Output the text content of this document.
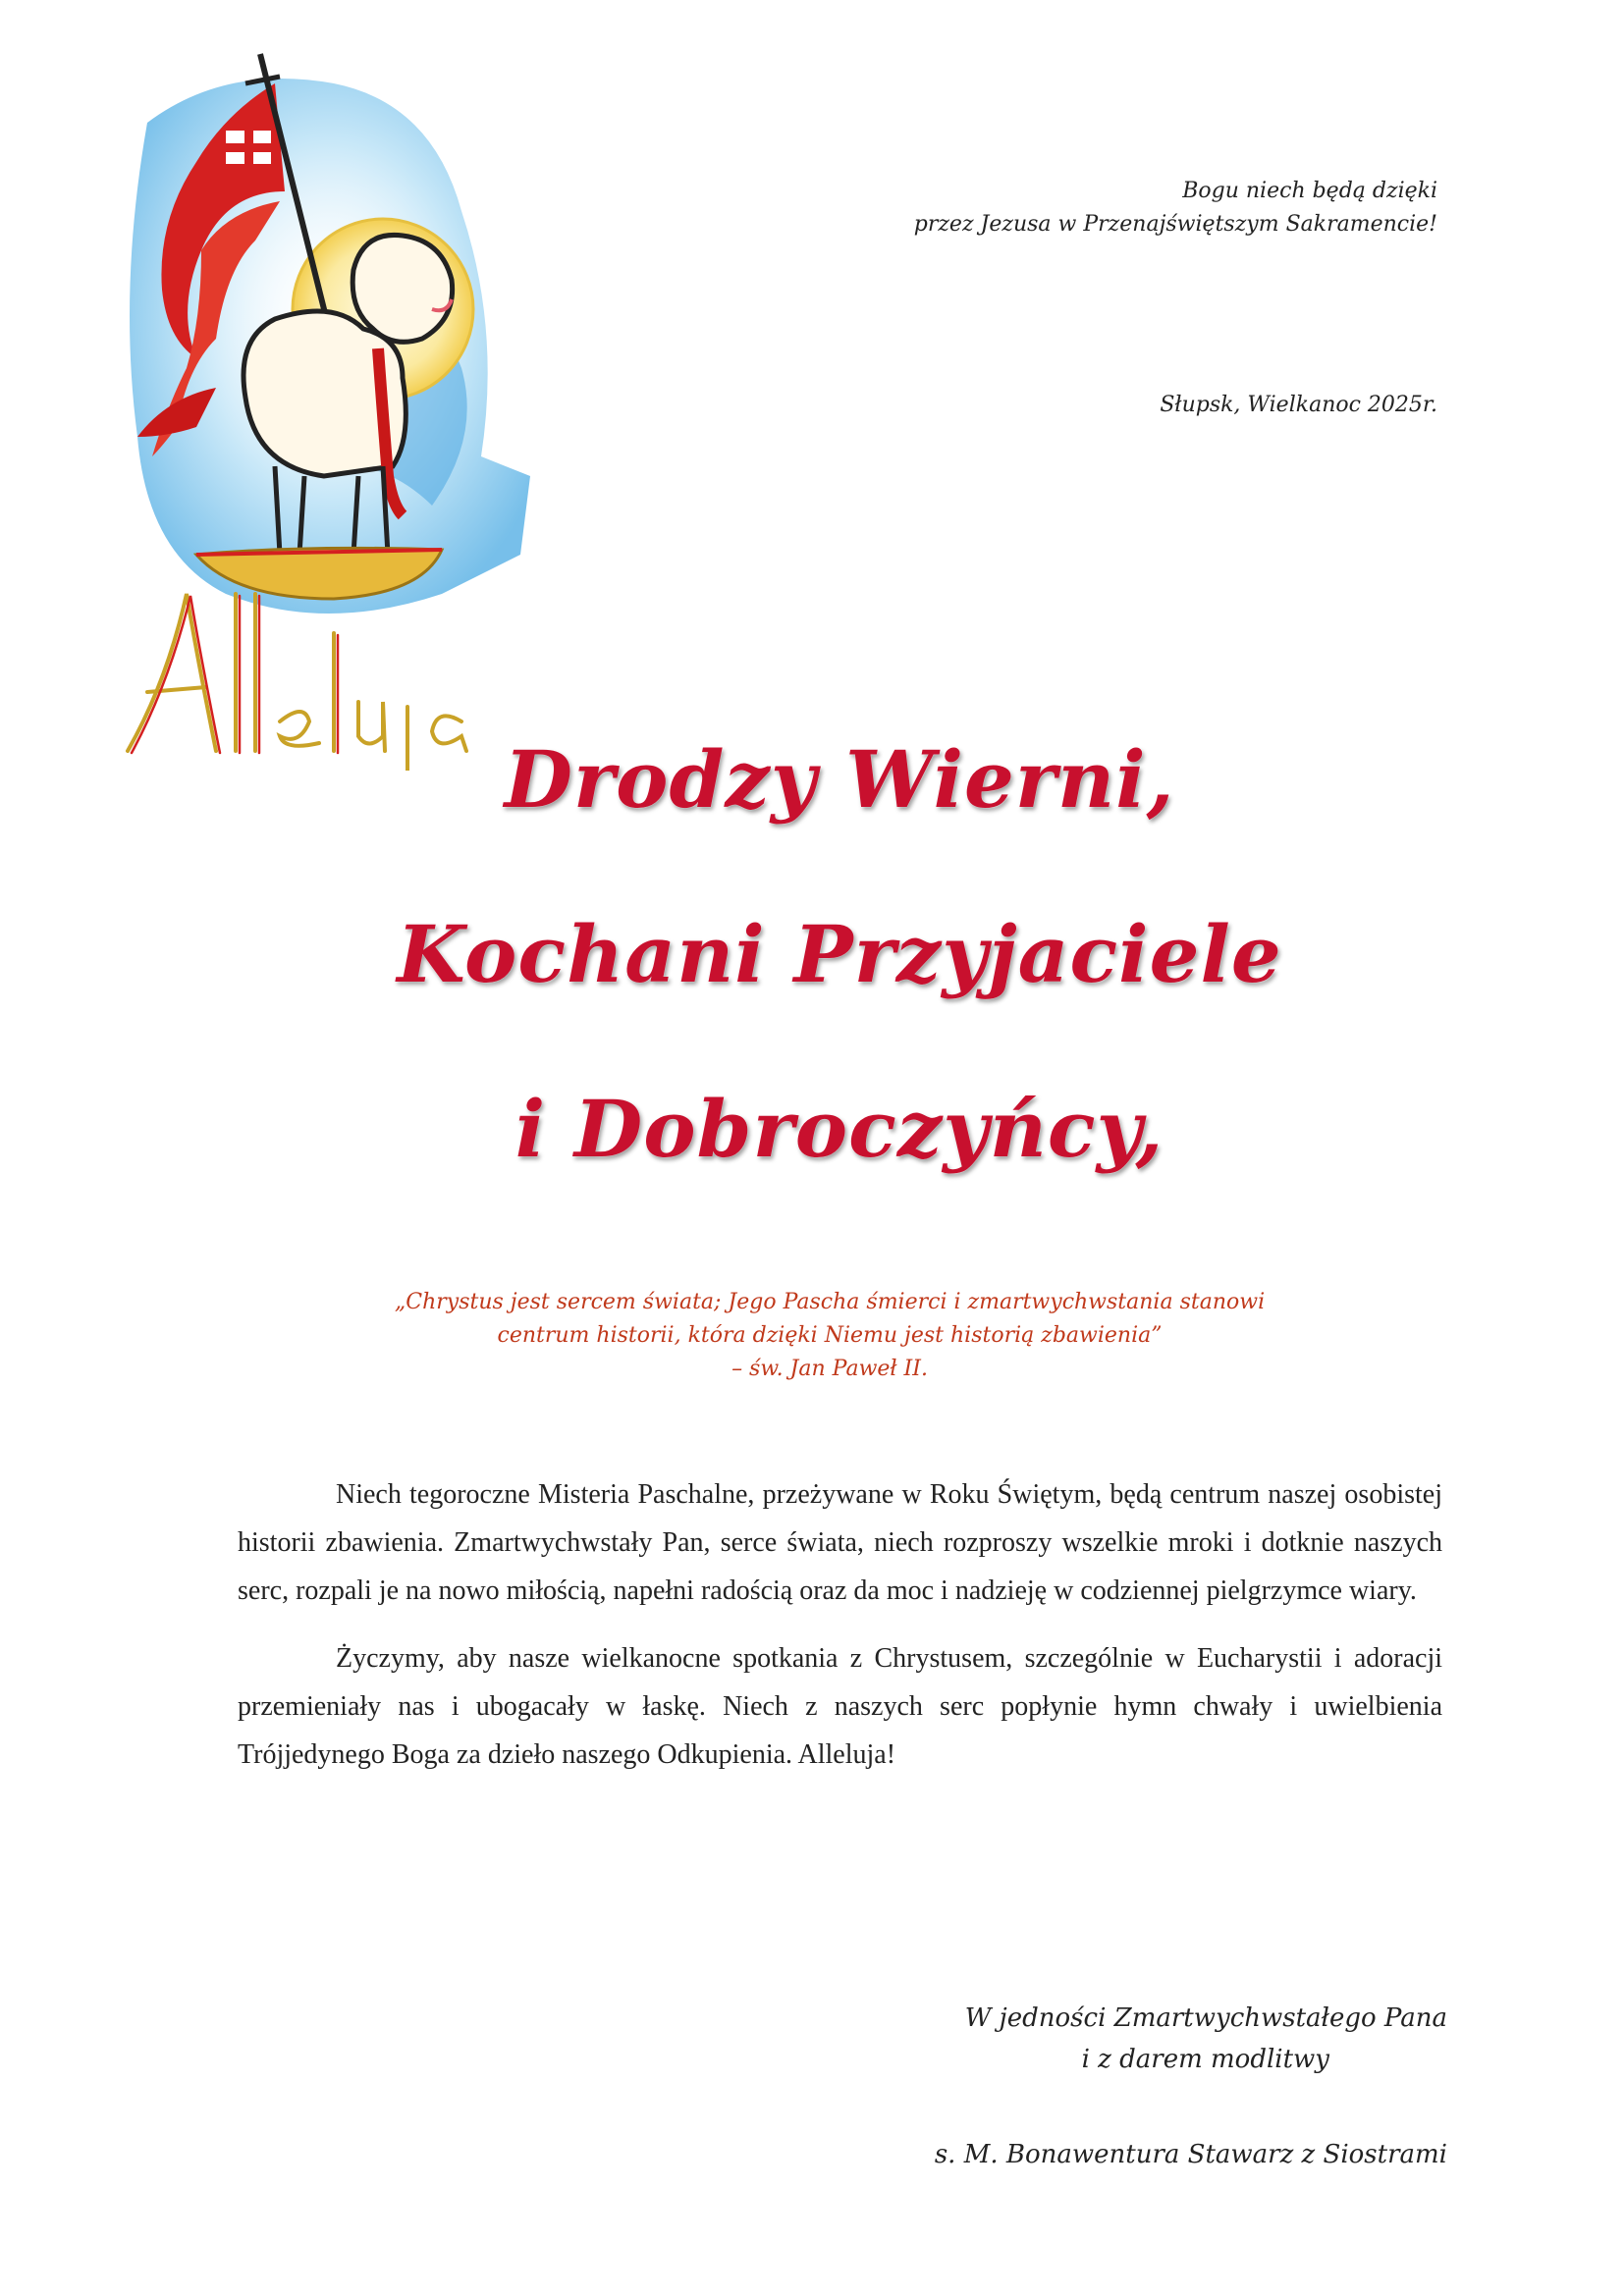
Bogu niech będą dzięki
przez Jezusa w Przenajświętszym Sakramencie!
Słupsk, Wielkanoc 2025r.
Drodzy Wierni,
Kochani Przyjaciele
i Dobroczyńcy,
„Chrystus jest sercem świata; Jego Pascha śmierci i zmartwychwstania stanowi
centrum historii, która dzięki Niemu jest historią zbawienia”
– św. Jan Paweł II.

Niech tegoroczne Misteria Paschalne, przeżywane w Roku Świętym, będą centrum naszej osobistej historii zbawienia. Zmartwychwstały Pan, serce świata, niech rozproszy wszelkie mroki i dotknie naszych serc, rozpali je na nowo miłością, napełni radością oraz da moc i nadzieję w codziennej pielgrzymce wiary.

Życzymy, aby nasze wielkanocne spotkania z Chrystusem, szczególnie w Eucharystii i adoracji przemieniały nas i ubogacały w łaskę. Niech z naszych serc popłynie hymn chwały i uwielbienia Trójjedynego Boga za dzieło naszego Odkupienia. Alleluja!

W jedności Zmartwychwstałego Pana
i z darem modlitwy
s. M. Bonawentura Stawarz z Siostrami
